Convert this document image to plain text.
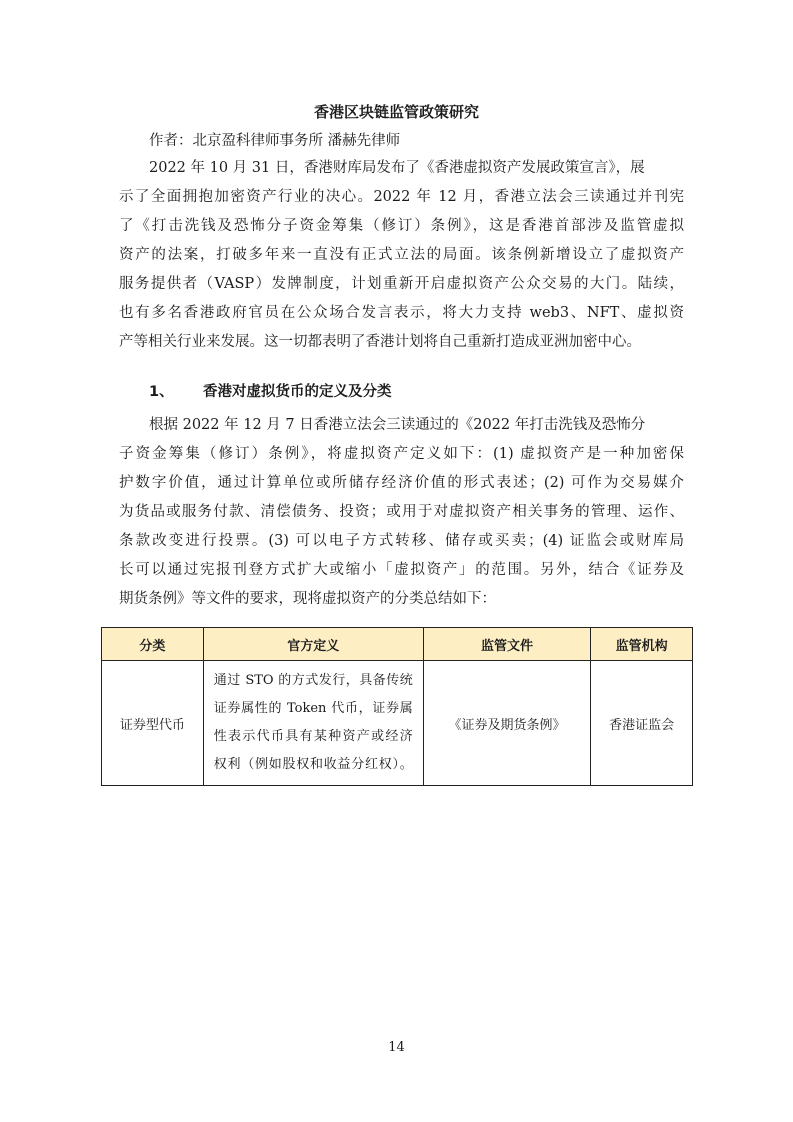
香港区块链监管政策研究
作者：北京盈科律师事务所 潘赫先律师
2022 年 10 月 31 日，香港财库局发布了《香港虚拟资产发展政策宣言》，展
示了全面拥抱加密资产行业的决心。2022 年 12 月，香港立法会三读通过并刊宪
了《打击洗钱及恐怖分子资金筹集（修订）条例》，这是香港首部涉及监管虚拟
资产的法案，打破多年来一直没有正式立法的局面。该条例新增设立了虚拟资产
服务提供者（VASP）发牌制度，计划重新开启虚拟资产公众交易的大门。陆续，
也有多名香港政府官员在公众场合发言表示，将大力支持 web3、NFT、虚拟资
产等相关行业来发展。这一切都表明了香港计划将自己重新打造成亚洲加密中心。
1、 香港对虚拟货币的定义及分类
根据 2022 年 12 月 7 日香港立法会三读通过的《2022 年打击洗钱及恐怖分
子资金筹集（修订）条例》，将虚拟资产定义如下：(1) 虚拟资产是一种加密保
护数字价值，通过计算单位或所储存经济价值的形式表述；(2) 可作为交易媒介
为货品或服务付款、清偿债务、投资；或用于对虚拟资产相关事务的管理、运作、
条款改变进行投票。(3) 可以电子方式转移、储存或买卖；(4) 证监会或财库局
长可以通过宪报刊登方式扩大或缩小「虚拟资产」的范围。另外，结合《证券及
期货条例》等文件的要求，现将虚拟资产的分类总结如下：
分类	官方定义	监管文件	监管机构
证券型代币	通过 STO 的方式发行，具备传统
证券属性的 Token 代币，证券属
性表示代币具有某种资产或经济
权利（例如股权和收益分红权）。	《证券及期货条例》	香港证监会
14
